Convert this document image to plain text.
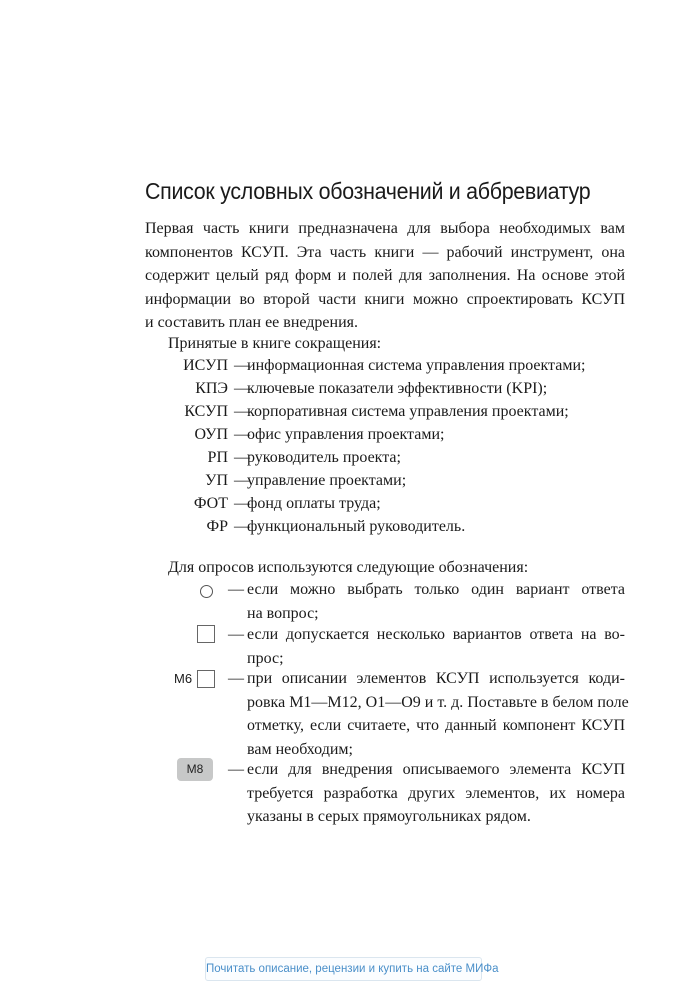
Список условных обозначений и аббревиатур
Первая часть книги предназначена для выбора необходимых вам
компонентов КСУП. Эта часть книги — рабочий инструмент, она
содержит целый ряд форм и полей для заполнения. На основе этой
информации во второй части книги можно спроектировать КСУП
и составить план ее внедрения.
Принятые в книге сокращения:
ИСУП —
информационная система управления проектами;
КПЭ —
ключевые показатели эффективности (KPI);
КСУП —
корпоративная система управления проектами;
ОУП —
офис управления проектами;
РП —
руководитель проекта;
УП —
управление проектами;
ФОТ —
фонд оплаты труда;
ФР —
функциональный руководитель.
Для опросов используются следующие обозначения:
— если можно выбрать только один вариант ответа
на вопрос;
— если допускается несколько вариантов ответа на во-
прос;
М6 — при описании элементов КСУП используется коди-
ровка М1—М12, О1—О9 и т. д. Поставьте в белом поле
отметку, если считаете, что данный компонент КСУП
вам необходим;
М8	— если для внедрения описываемого элемента КСУП
требуется разработка других элементов, их номера
указаны в серых прямоугольниках рядом.
Почитать описание, рецензии и купить на сайте МИФа
